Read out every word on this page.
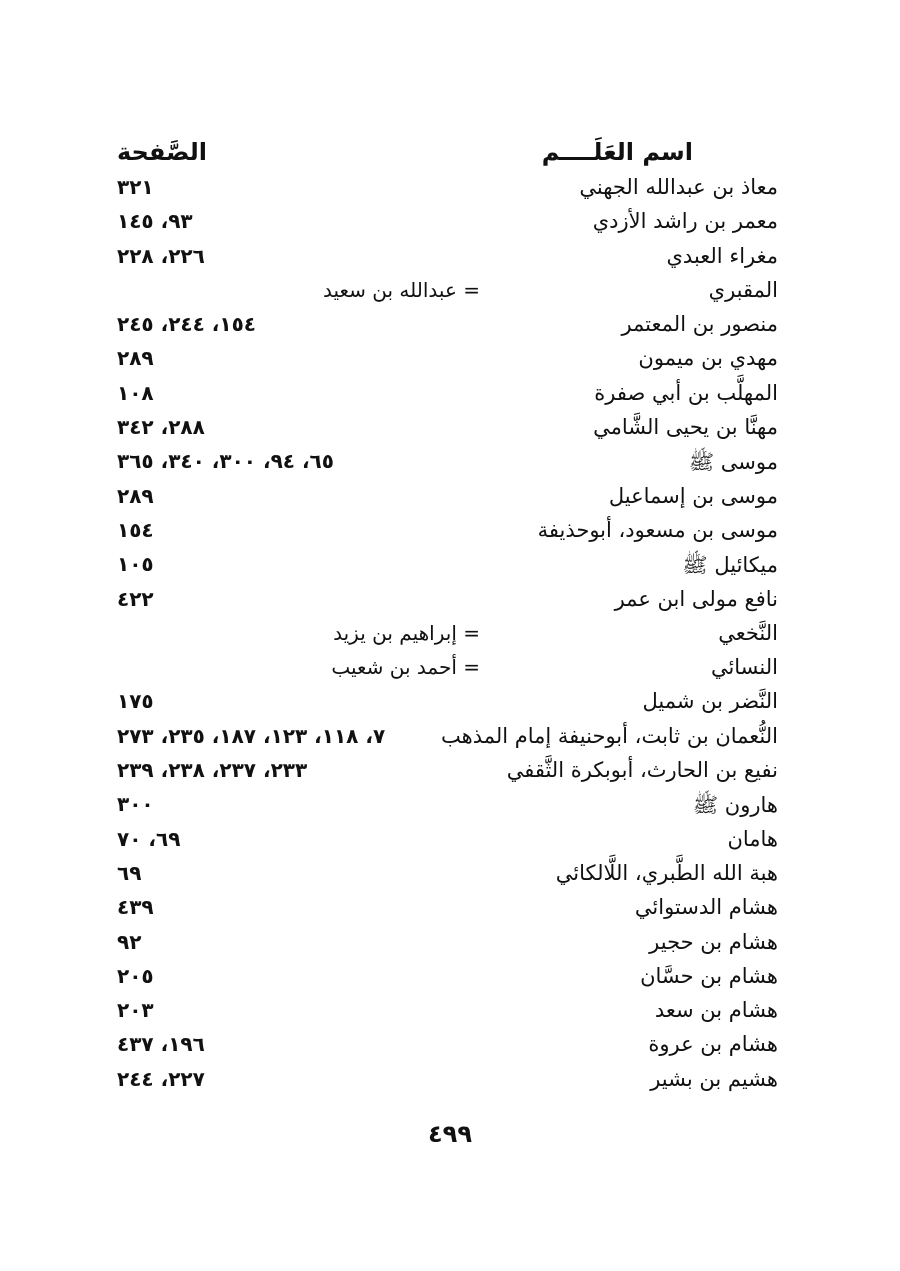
اسم العَلَــــم
الصَّفحة
معاذ بن عبدالله الجهني
٣٢١
معمر بن راشد الأزدي
٩٣، ١٤٥
مغراء العبدي
٢٢٦، ٢٢٨
المقبري
= عبدالله بن سعيد
منصور بن المعتمر
١٥٤، ٢٤٤، ٢٤٥
مهدي بن ميمون
٢٨٩
المهلَّب بن أبي صفرة
١٠٨
مهنَّا بن يحيى الشَّامي
٢٨٨، ٣٤٢
موسى ﷺ
٦٥، ٩٤، ٣٠٠، ٣٤٠، ٣٦٥
موسى بن إسماعيل
٢٨٩
موسى بن مسعود، أبوحذيفة
١٥٤
ميكائيل ﷺ
١٠٥
نافع مولى ابن عمر
٤٢٢
النَّخعي
= إبراهيم بن يزيد
النسائي
= أحمد بن شعيب
النَّضر بن شميل
١٧٥
النُّعمان بن ثابت، أبوحنيفة إمام المذهب
٧، ١١٨، ١٢٣، ١٨٧، ٢٣٥، ٢٧٣
نفيع بن الحارث، أبوبكرة الثَّقفي
٢٣٣، ٢٣٧، ٢٣٨، ٢٣٩
هارون ﷺ
٣٠٠
هامان
٦٩، ٧٠
هبة الله الطَّبري، اللَّالكائي
٦٩
هشام الدستوائي
٤٣٩
هشام بن حجير
٩٢
هشام بن حسَّان
٢٠٥
هشام بن سعد
٢٠٣
هشام بن عروة
١٩٦، ٤٣٧
هشيم بن بشير
٢٢٧، ٢٤٤
٤٩٩
